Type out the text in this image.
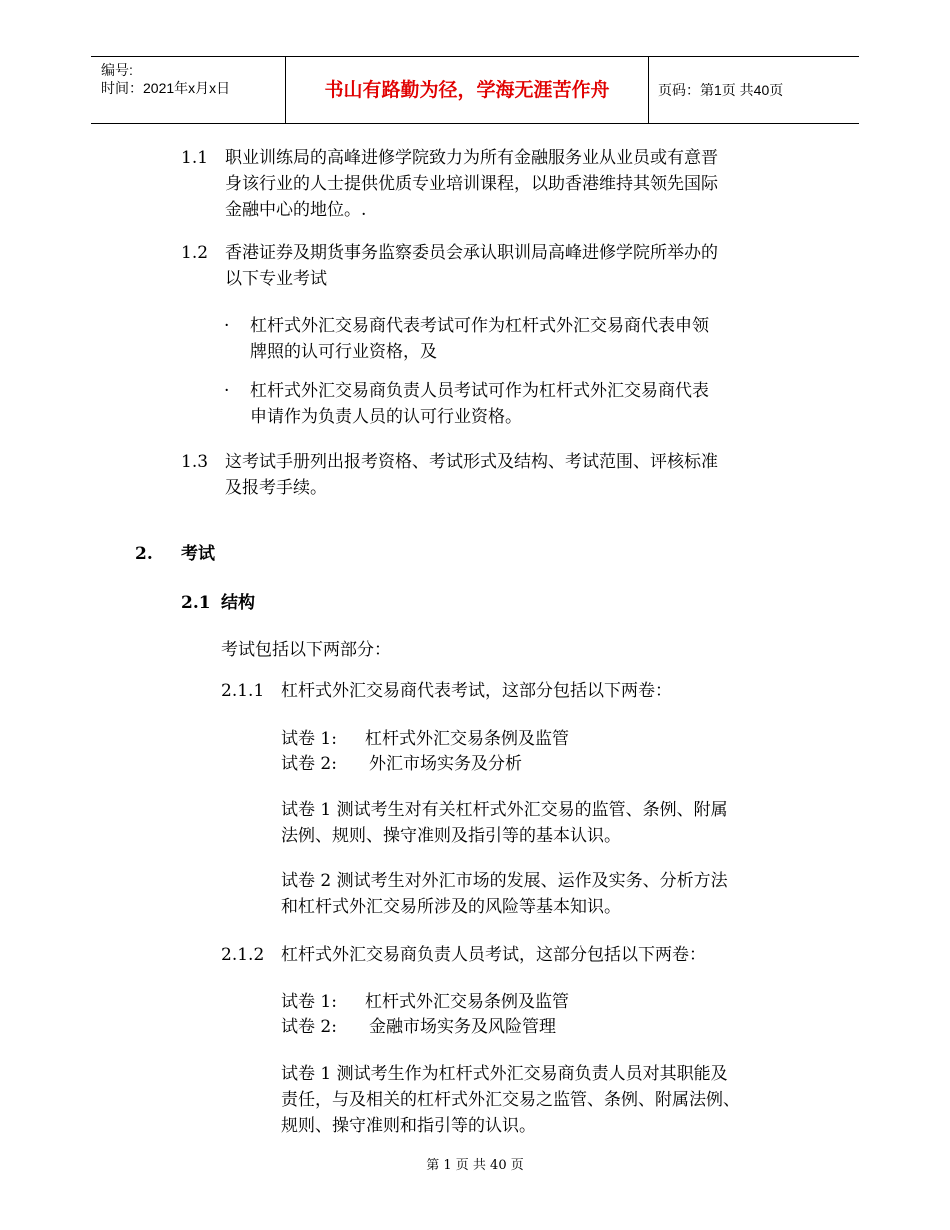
编号:
时间：2021年x月x日	书山有路勤为径，学海无涯苦作舟	页码：第1页 共40页
1.1 职业训练局的高峰进修学院致力为所有金融服务业从业员或有意晋
身该行业的人士提供优质专业培训课程，以助香港维持其领先国际
金融中心的地位。.
1.2 香港证券及期货事务监察委员会承认职训局高峰进修学院所举办的
以下专业考试
· 杠杆式外汇交易商代表考试可作为杠杆式外汇交易商代表申领
牌照的认可行业资格，及
· 杠杆式外汇交易商负责人员考试可作为杠杆式外汇交易商代表
申请作为负责人员的认可行业资格。
1.3 这考试手册列出报考资格、考试形式及结构、考试范围、评核标准
及报考手续。
2. 考试
2.1 结构
考试包括以下两部分：
2.1.1 杠杆式外汇交易商代表考试，这部分包括以下两卷：
试卷 1: 杠杆式外汇交易条例及监管
试卷 2: 外汇市场实务及分析
试卷 1 测试考生对有关杠杆式外汇交易的监管、条例、附属
法例、规则、操守准则及指引等的基本认识。
试卷 2 测试考生对外汇市场的发展、运作及实务、分析方法
和杠杆式外汇交易所涉及的风险等基本知识。
2.1.2 杠杆式外汇交易商负责人员考试，这部分包括以下两卷：
试卷 1: 杠杆式外汇交易条例及监管
试卷 2: 金融市场实务及风险管理
试卷 1 测试考生作为杠杆式外汇交易商负责人员对其职能及
责任，与及相关的杠杆式外汇交易之监管、条例、附属法例、
规则、操守准则和指引等的认识。
第 1 页 共 40 页
